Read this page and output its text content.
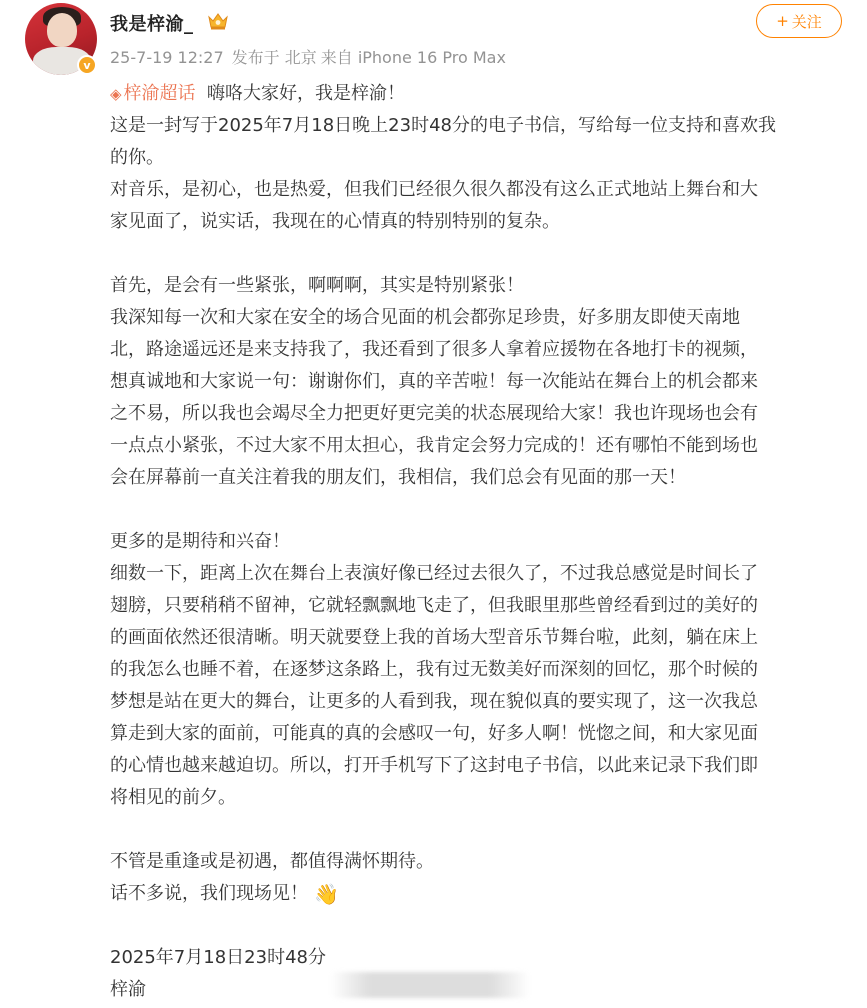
v
我是梓渝_
25-7-19 12:27 发布于 北京 来自 iPhone 16 Pro Max
+ 关注
◈ 梓渝超话 嗨咯大家好，我是梓渝！
这是一封写于2025年7月18日晚上23时48分的电子书信，写给每一位支持和喜欢我
的你。
对音乐，是初心，也是热爱，但我们已经很久很久都没有这么正式地站上舞台和大
家见面了，说实话，我现在的心情真的特别特别的复杂。
首先，是会有一些紧张，啊啊啊，其实是特别紧张！
我深知每一次和大家在安全的场合见面的机会都弥足珍贵，好多朋友即使天南地
北，路途遥远还是来支持我了，我还看到了很多人拿着应援物在各地打卡的视频，
想真诚地和大家说一句：谢谢你们，真的辛苦啦！每一次能站在舞台上的机会都来
之不易，所以我也会竭尽全力把更好更完美的状态展现给大家！我也许现场也会有
一点点小紧张，不过大家不用太担心，我肯定会努力完成的！还有哪怕不能到场也
会在屏幕前一直关注着我的朋友们，我相信，我们总会有见面的那一天！
更多的是期待和兴奋！
细数一下，距离上次在舞台上表演好像已经过去很久了，不过我总感觉是时间长了
翅膀，只要稍稍不留神，它就轻飘飘地飞走了，但我眼里那些曾经看到过的美好的
的画面依然还很清晰。明天就要登上我的首场大型音乐节舞台啦，此刻，躺在床上
的我怎么也睡不着，在逐梦这条路上，我有过无数美好而深刻的回忆，那个时候的
梦想是站在更大的舞台，让更多的人看到我，现在貌似真的要实现了，这一次我总
算走到大家的面前，可能真的真的会感叹一句，好多人啊！恍惚之间，和大家见面
的心情也越来越迫切。所以，打开手机写下了这封电子书信，以此来记录下我们即
将相见的前夕。
不管是重逢或是初遇，都值得满怀期待。
话不多说，我们现场见！ 👋
2025年7月18日23时48分
梓渝
